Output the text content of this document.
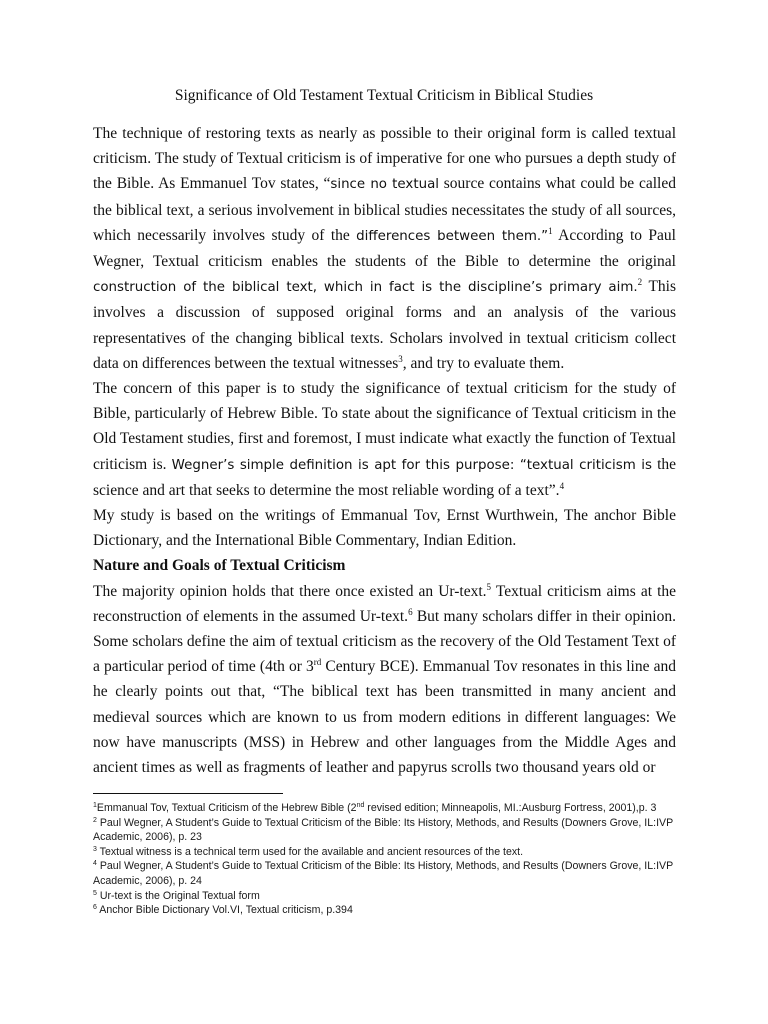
Significance of Old Testament Textual Criticism in Biblical Studies

The technique of restoring texts as nearly as possible to their original form is called textual criticism. The study of Textual criticism is of imperative for one who pursues a depth study of the Bible. As Emmanuel Tov states, “since no textual source contains what could be called the biblical text, a serious involvement in biblical studies necessitates the study of all sources, which necessarily involves study of the differences between them.”$^1$ According to Paul Wegner, Textual criticism enables the students of the Bible to determine the original construction of the biblical text, which in fact is the discipline’s primary aim.$^2$ This involves a discussion of supposed original forms and an analysis of the various representatives of the changing biblical texts. Scholars involved in textual criticism collect data on differences between the textual witnesses$^3$, and try to evaluate them.

The concern of this paper is to study the significance of textual criticism for the study of Bible, particularly of Hebrew Bible. To state about the significance of Textual criticism in the Old Testament studies, first and foremost, I must indicate what exactly the function of Textual criticism is. Wegner’s simple definition is apt for this purpose: “textual criticism is the science and art that seeks to determine the most reliable wording of a text”.$^4$

My study is based on the writings of Emmanual Tov, Ernst Wurthwein, The anchor Bible Dictionary, and the International Bible Commentary, Indian Edition.

Nature and Goals of Textual Criticism

The majority opinion holds that there once existed an Ur-text.$^5$ Textual criticism aims at the reconstruction of elements in the assumed Ur-text.$^6$ But many scholars differ in their opinion. Some scholars define the aim of textual criticism as the recovery of the Old Testament Text of a particular period of time (4th or 3rd Century BCE). Emmanual Tov resonates in this line and he clearly points out that, “The biblical text has been transmitted in many ancient and medieval sources which are known to us from modern editions in different languages: We now have manuscripts (MSS) in Hebrew and other languages from the Middle Ages and ancient times as well as fragments of leather and papyrus scrolls two thousand years old or

$^1$Emmanual Tov, Textual Criticism of the Hebrew Bible (2nd revised edition; Minneapolis, MI.:Ausburg Fortress, 2001),p. 3
$^2$ Paul Wegner, A Student’s Guide to Textual Criticism of the Bible: Its History, Methods, and Results (Downers Grove, IL:IVP Academic, 2006), p. 23
$^3$ Textual witness is a technical term used for the available and ancient resources of the text.
$^4$ Paul Wegner, A Student’s Guide to Textual Criticism of the Bible: Its History, Methods, and Results (Downers Grove, IL:IVP Academic, 2006), p. 24
$^5$ Ur-text is the Original Textual form
$^6$ Anchor Bible Dictionary Vol.VI, Textual criticism, p.394
